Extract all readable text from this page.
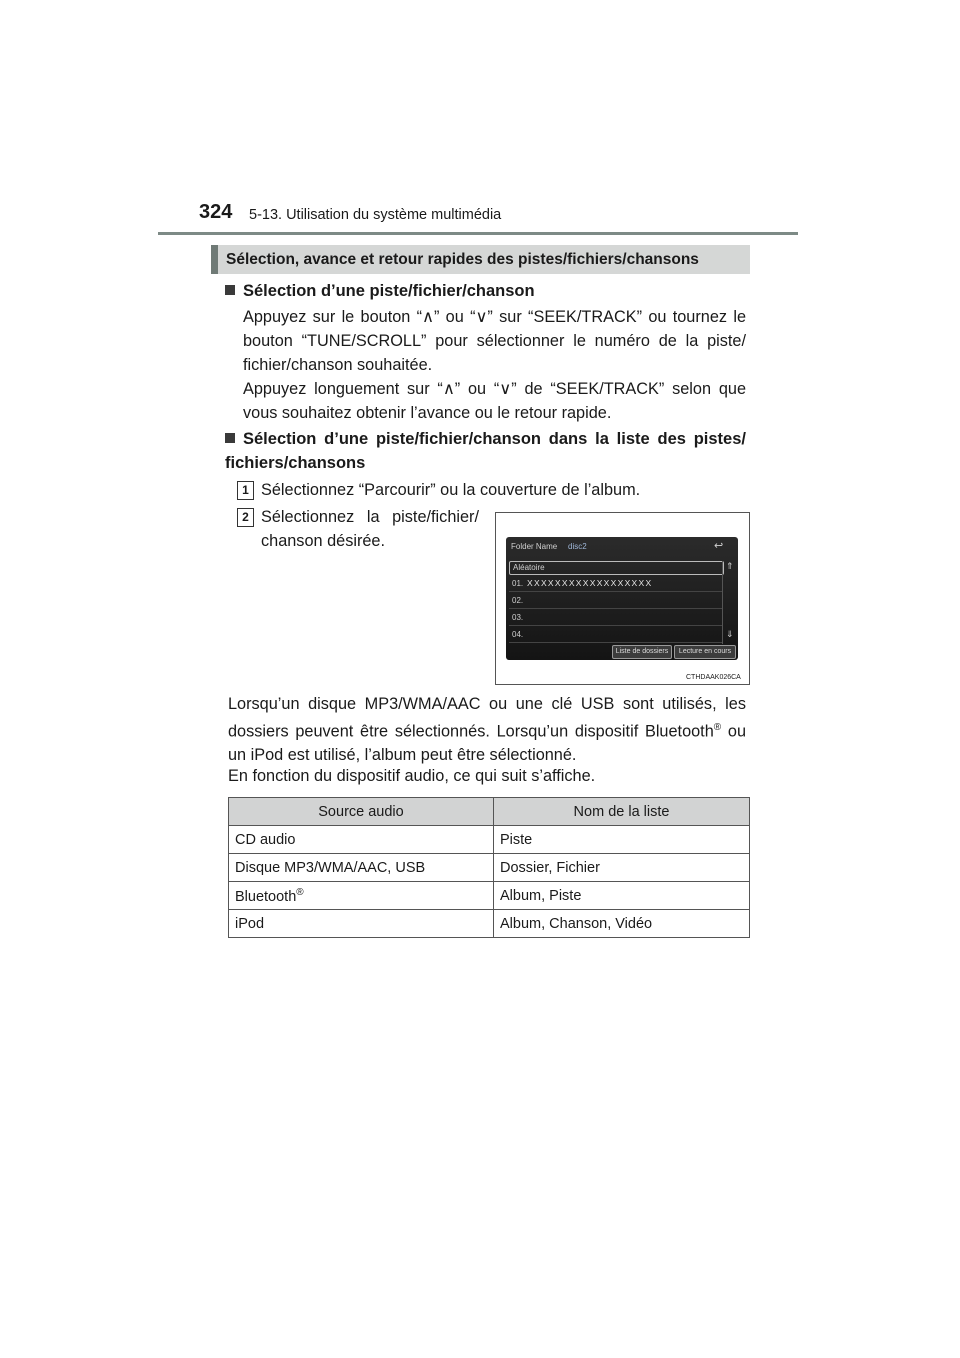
324 5-13. Utilisation du système multimédia
Sélection, avance et retour rapides des pistes/fichiers/chansons
Sélection d’une piste/fichier/chanson
Appuyez sur le bouton “∧” ou “∨” sur “SEEK/TRACK” ou tournez le bouton “TUNE/SCROLL” pour sélectionner le numéro de la piste/ fichier/chanson souhaitée.
Appuyez longuement sur “∧” ou “∨” de “SEEK/TRACK” selon que vous souhaitez obtenir l’avance ou le retour rapide.
Sélection d’une piste/fichier/chanson dans la liste des pistes/ fichiers/chansons
1 Sélectionnez “Parcourir” ou la couverture de l’album.
2 Sélectionnez la piste/fichier/ chanson désirée.	Folder Name disc2	↩
Aléatoire
01. XXXXXXXXXXXXXXXXXX
02.
03.
04.
⇑
⇓
Liste de dossiers	Lecture en cours
CTHDAAK026CA
Lorsqu’un disque MP3/WMA/AAC ou une clé USB sont utilisés, les dossiers peuvent être sélectionnés. Lorsqu’un dispositif Bluetooth® ou un iPod est utilisé, l’album peut être sélectionné.
En fonction du dispositif audio, ce qui suit s’affiche.
Source audio	Nom de la liste
CD audio	Piste
Disque MP3/WMA/AAC, USB	Dossier, Fichier
Bluetooth®	Album, Piste
iPod	Album, Chanson, Vidéo
